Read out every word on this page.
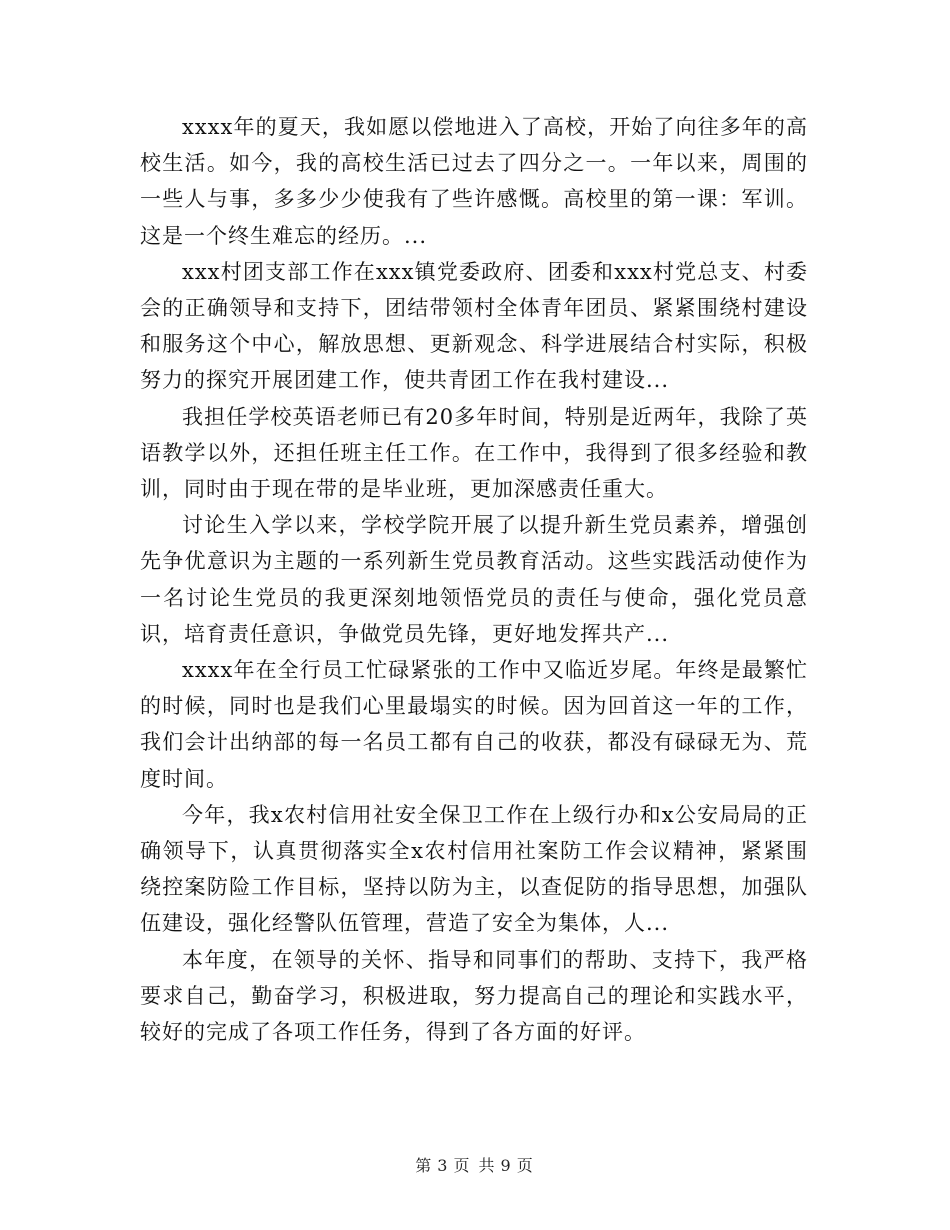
xxxx年的夏天，我如愿以偿地进入了高校，开始了向往多年的高校生活。如今，我的高校生活已过去了四分之一。一年以来，周围的一些人与事，多多少少使我有了些许感慨。高校里的第一课：军训。这是一个终生难忘的经历。...

xxx村团支部工作在xxx镇党委政府、团委和xxx村党总支、村委会的正确领导和支持下，团结带领村全体青年团员、紧紧围绕村建设和服务这个中心，解放思想、更新观念、科学进展结合村实际，积极努力的探究开展团建工作，使共青团工作在我村建设...

我担任学校英语老师已有20多年时间，特别是近两年，我除了英语教学以外，还担任班主任工作。在工作中，我得到了很多经验和教训，同时由于现在带的是毕业班，更加深感责任重大。

讨论生入学以来，学校学院开展了以提升新生党员素养，增强创先争优意识为主题的一系列新生党员教育活动。这些实践活动使作为一名讨论生党员的我更深刻地领悟党员的责任与使命，强化党员意识，培育责任意识，争做党员先锋，更好地发挥共产...

xxxx年在全行员工忙碌紧张的工作中又临近岁尾。年终是最繁忙的时候，同时也是我们心里最塌实的时候。因为回首这一年的工作，我们会计出纳部的每一名员工都有自己的收获，都没有碌碌无为、荒度时间。

今年，我x农村信用社安全保卫工作在上级行办和x公安局局的正确领导下，认真贯彻落实全x农村信用社案防工作会议精神，紧紧围绕控案防险工作目标，坚持以防为主，以查促防的指导思想，加强队伍建设，强化经警队伍管理，营造了安全为集体，人...

本年度，在领导的关怀、指导和同事们的帮助、支持下，我严格要求自己，勤奋学习，积极进取，努力提高自己的理论和实践水平，较好的完成了各项工作任务，得到了各方面的好评。

第 3 页 共 9 页
